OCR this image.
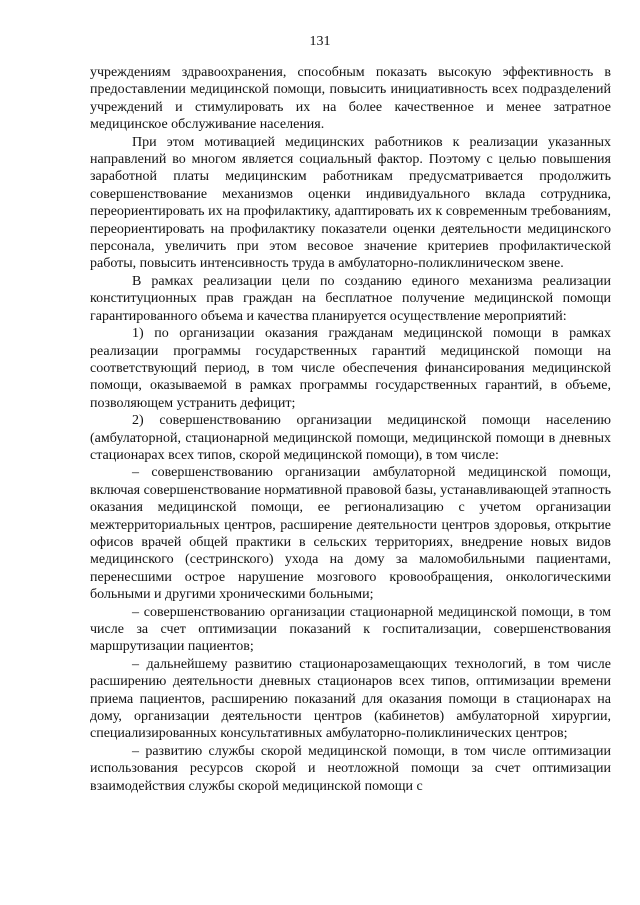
131

учреждениям здравоохранения, способным показать высокую эффективность в предоставлении медицинской помощи, повысить инициативность всех подразделений учреждений и стимулировать их на более качественное и менее затратное медицинское обслуживание населения.

При этом мотивацией медицинских работников к реализации указанных направлений во многом является социальный фактор. Поэтому с целью повышения заработной платы медицинским работникам предусматривается продолжить совершенствование механизмов оценки индивидуального вклада сотрудника, переориентировать их на профилактику, адаптировать их к современным требованиям, переориентировать на профилактику показатели оценки деятельности медицинского персонала, увеличить при этом весовое значение критериев профилактической работы, повысить интенсивность труда в амбулаторно-поликлиническом звене.

В рамках реализации цели по созданию единого механизма реализации конституционных прав граждан на бесплатное получение медицинской помощи гарантированного объема и качества планируется осуществление мероприятий:

1) по организации оказания гражданам медицинской помощи в рамках реализации программы государственных гарантий медицинской помощи на соответствующий период, в том числе обеспечения финансирования медицинской помощи, оказываемой в рамках программы государственных гарантий, в объеме, позволяющем устранить дефицит;

2) совершенствованию организации медицинской помощи населению (амбулаторной, стационарной медицинской помощи, медицинской помощи в дневных стационарах всех типов, скорой медицинской помощи), в том числе:

– совершенствованию организации амбулаторной медицинской помощи, включая совершенствование нормативной правовой базы, устанавливающей этапность оказания медицинской помощи, ее регионализацию с учетом организации межтерриториальных центров, расширение деятельности центров здоровья, открытие офисов врачей общей практики в сельских территориях, внедрение новых видов медицинского (сестринского) ухода на дому за маломобильными пациентами, перенесшими острое нарушение мозгового кровообращения, онкологическими больными и другими хроническими больными;

– совершенствованию организации стационарной медицинской помощи, в том числе за счет оптимизации показаний к госпитализации, совершенствования маршрутизации пациентов;

– дальнейшему развитию стационарозамещающих технологий, в том числе расширению деятельности дневных стационаров всех типов, оптимизации времени приема пациентов, расширению показаний для оказания помощи в стационарах на дому, организации деятельности центров (кабинетов) амбулаторной хирургии, специализированных консультативных амбулаторно-поликлинических центров;

– развитию службы скорой медицинской помощи, в том числе оптимизации использования ресурсов скорой и неотложной помощи за счет оптимизации взаимодействия службы скорой медицинской помощи с
